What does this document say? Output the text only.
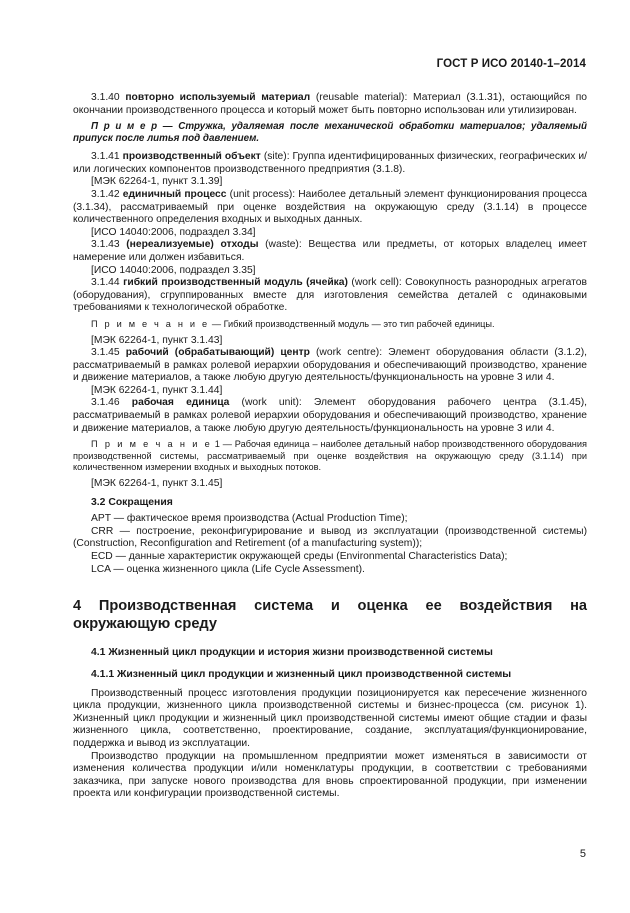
ГОСТ Р ИСО 20140-1–2014

3.1.40 повторно используемый материал (reusable material): Материал (3.1.31), остающийся по окончании производственного процесса и который может быть повторно использован или утилизирован.

П р и м е р — Стружка, удаляемая после механической обработки материалов; удаляемый припуск после литья под давлением.

3.1.41 производственный объект (site): Группа идентифицированных физических, географических и/или логических компонентов производственного предприятия (3.1.8).

[МЭК 62264-1, пункт 3.1.39]

3.1.42 единичный процесс (unit process): Наиболее детальный элемент функционирования процесса (3.1.34), рассматриваемый при оценке воздействия на окружающую среду (3.1.14) в процессе количественного определения входных и выходных данных.

[ИСО 14040:2006, подраздел 3.34]

3.1.43 (нереализуемые) отходы (waste): Вещества или предметы, от которых владелец имеет намерение или должен избавиться.

[ИСО 14040:2006, подраздел 3.35]

3.1.44 гибкий производственный модуль (ячейка) (work cell): Совокупность разнородных агрегатов (оборудования), сгруппированных вместе для изготовления семейства деталей с одинаковыми требованиями к технологической обработке.

П р и м е ч а н и е — Гибкий производственный модуль — это тип рабочей единицы.

[МЭК 62264-1, пункт 3.1.43]

3.1.45 рабочий (обрабатывающий) центр (work centre): Элемент оборудования области (3.1.2), рассматриваемый в рамках ролевой иерархии оборудования и обеспечивающий производство, хранение и движение материалов, а также любую другую деятельность/функциональность на уровне 3 или 4.

[МЭК 62264-1, пункт 3.1.44]

3.1.46 рабочая единица (work unit): Элемент оборудования рабочего центра (3.1.45), рассматриваемый в рамках ролевой иерархии оборудования и обеспечивающий производство, хранение и движение материалов, а также любую другую деятельность/функциональность на уровне 3 или 4.

П р и м е ч а н и е 1 — Рабочая единица – наиболее детальный набор производственного оборудования производственной системы, рассматриваемый при оценке воздействия на окружающую среду (3.1.14) при количественном измерении входных и выходных потоков.

[МЭК 62264-1, пункт 3.1.45]

3.2 Сокращения

APT — фактическое время производства (Actual Production Time);

CRR — построение, реконфигурирование и вывод из эксплуатации (производственной системы) (Construction, Reconfiguration and Retirement (of a manufacturing system));

ECD — данные характеристик окружающей среды (Environmental Characteristics Data);

LCA — оценка жизненного цикла (Life Cycle Assessment).

4 Производственная система и оценка ее воздействия на окружающую среду

4.1 Жизненный цикл продукции и история жизни производственной системы

4.1.1 Жизненный цикл продукции и жизненный цикл производственной системы

Производственный процесс изготовления продукции позиционируется как пересечение жизненного цикла продукции, жизненного цикла производственной системы и бизнес-процесса (см. рисунок 1). Жизненный цикл продукции и жизненный цикл производственной системы имеют общие стадии и фазы жизненного цикла, соответственно, проектирование, создание, эксплуатация/функционирование, поддержка и вывод из эксплуатации.

Производство продукции на промышленном предприятии может изменяться в зависимости от изменения количества продукции и/или номенклатуры продукции, в соответствии с требованиями заказчика, при запуске нового производства для вновь спроектированной продукции, при изменении проекта или конфигурации производственной системы.

5
